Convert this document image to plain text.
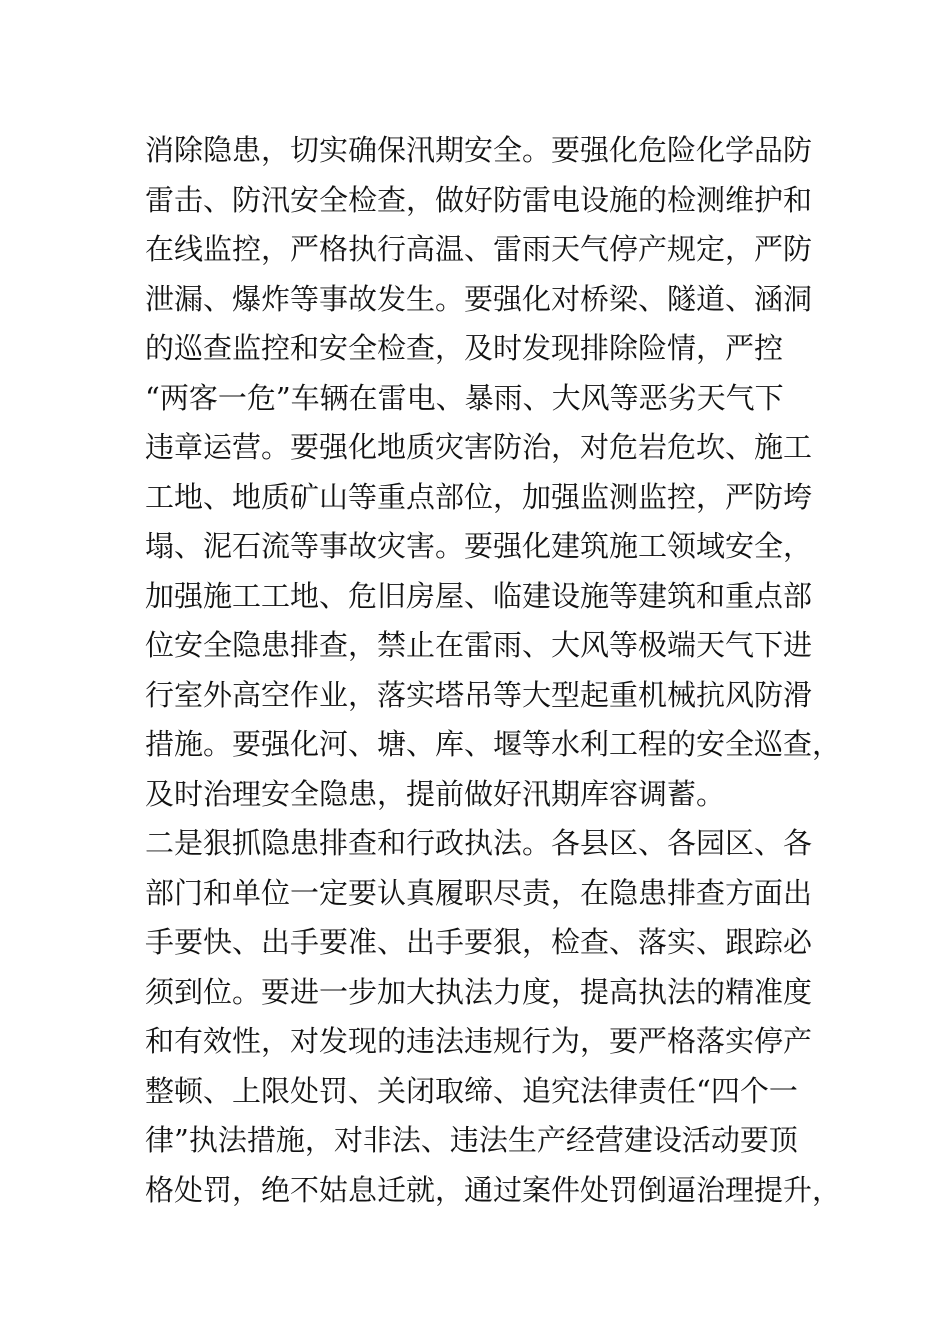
消除隐患，切实确保汛期安全。要强化危险化学品防
雷击、防汛安全检查，做好防雷电设施的检测维护和
在线监控，严格执行高温、雷雨天气停产规定，严防
泄漏、爆炸等事故发生。要强化对桥梁、隧道、涵洞
的巡查监控和安全检查，及时发现排除险情，严控
“两客一危”车辆在雷电、暴雨、大风等恶劣天气下
违章运营。要强化地质灾害防治，对危岩危坎、施工
工地、地质矿山等重点部位，加强监测监控，严防垮
塌、泥石流等事故灾害。要强化建筑施工领域安全，
加强施工工地、危旧房屋、临建设施等建筑和重点部
位安全隐患排查，禁止在雷雨、大风等极端天气下进
行室外高空作业，落实塔吊等大型起重机械抗风防滑
措施。要强化河、塘、库、堰等水利工程的安全巡查，
及时治理安全隐患，提前做好汛期库容调蓄。
二是狠抓隐患排查和行政执法。各县区、各园区、各
部门和单位一定要认真履职尽责，在隐患排查方面出
手要快、出手要准、出手要狠，检查、落实、跟踪必
须到位。要进一步加大执法力度，提高执法的精准度
和有效性，对发现的违法违规行为，要严格落实停产
整顿、上限处罚、关闭取缔、追究法律责任“四个一
律”执法措施，对非法、违法生产经营建设活动要顶
格处罚，绝不姑息迁就，通过案件处罚倒逼治理提升，
